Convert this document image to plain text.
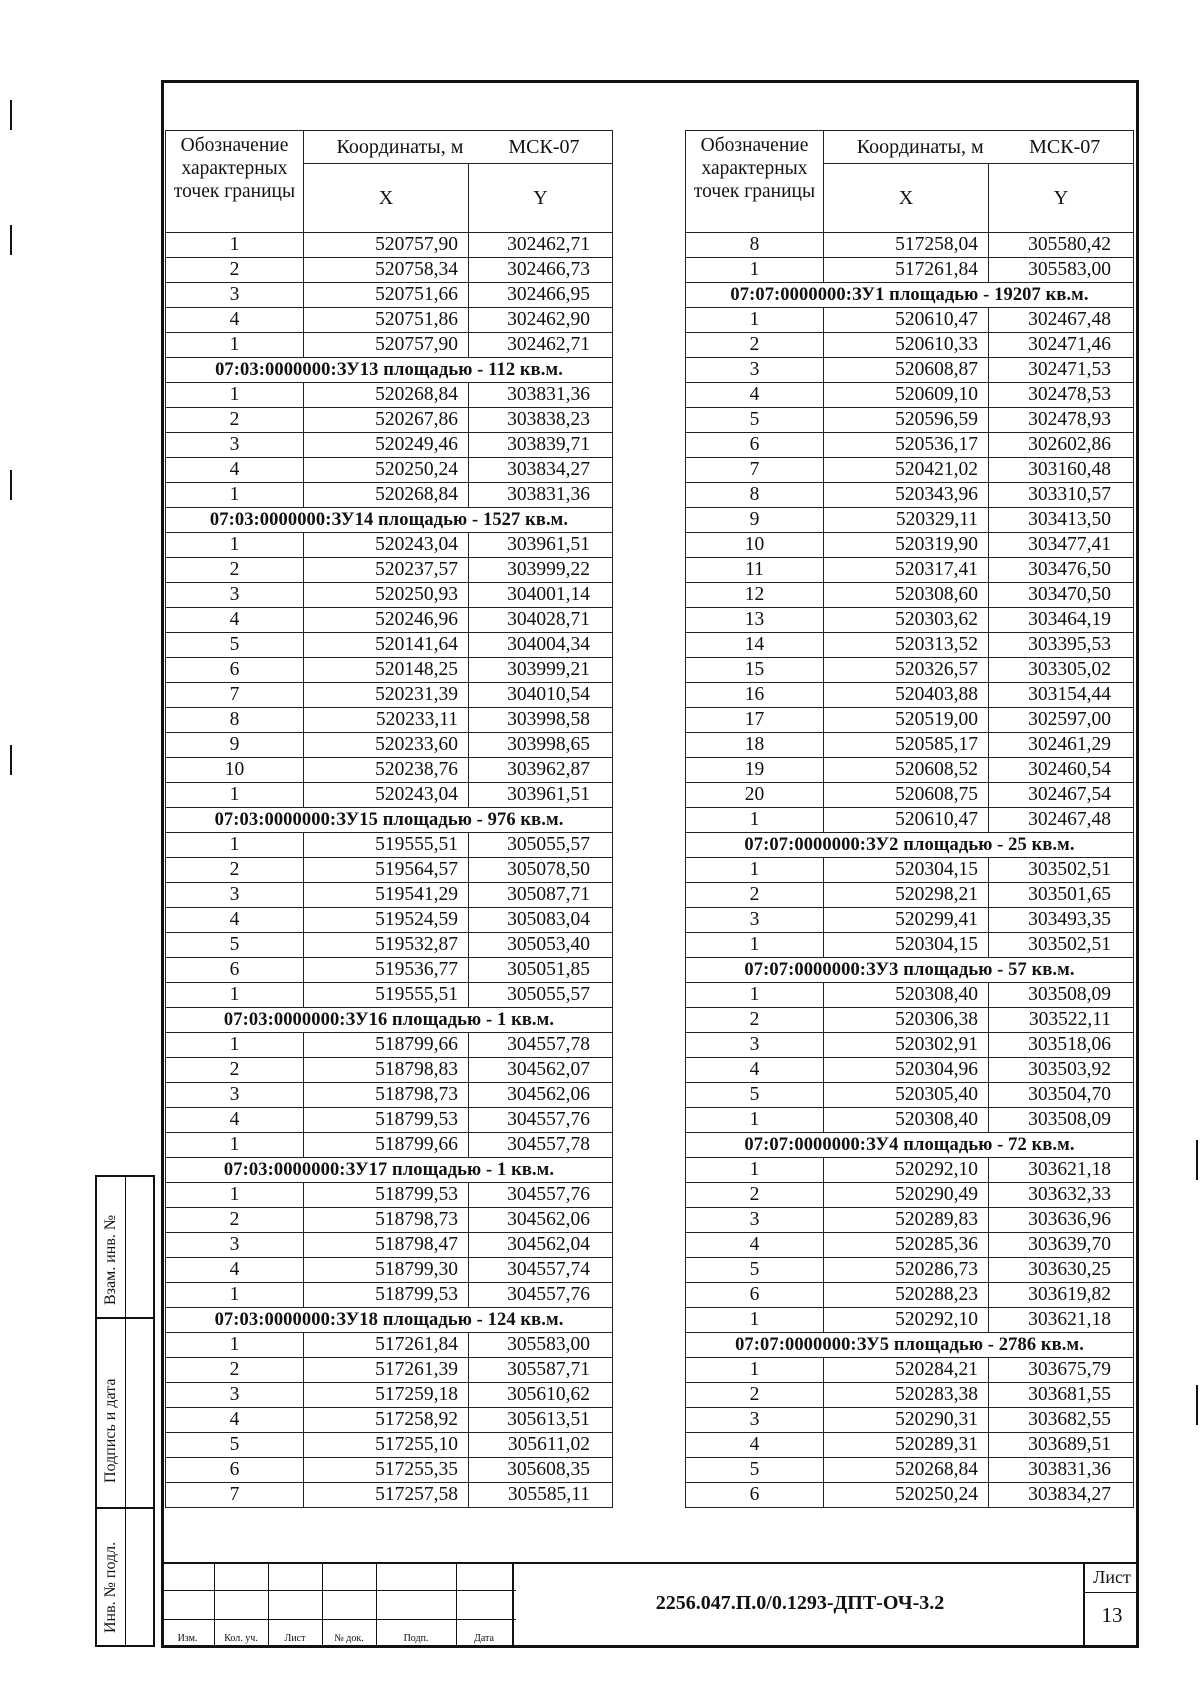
Обозначение характерных точек границы	Координаты, м МСК-07	

	X	Y
1	520757,90	302462,71
2	520758,34	302466,73
3	520751,66	302466,95
4	520751,86	302462,90
1	520757,90	302462,71
07:03:0000000:ЗУ13 площадью - 112 кв.м.		
1	520268,84	303831,36
2	520267,86	303838,23
3	520249,46	303839,71
4	520250,24	303834,27
1	520268,84	303831,36
07:03:0000000:ЗУ14 площадью - 1527 кв.м.		
1	520243,04	303961,51
2	520237,57	303999,22
3	520250,93	304001,14
4	520246,96	304028,71
5	520141,64	304004,34
6	520148,25	303999,21
7	520231,39	304010,54
8	520233,11	303998,58
9	520233,60	303998,65
10	520238,76	303962,87
1	520243,04	303961,51
07:03:0000000:ЗУ15 площадью - 976 кв.м.		
1	519555,51	305055,57
2	519564,57	305078,50
3	519541,29	305087,71
4	519524,59	305083,04
5	519532,87	305053,40
6	519536,77	305051,85
1	519555,51	305055,57
07:03:0000000:ЗУ16 площадью - 1 кв.м.		
1	518799,66	304557,78
2	518798,83	304562,07
3	518798,73	304562,06
4	518799,53	304557,76
1	518799,66	304557,78
07:03:0000000:ЗУ17 площадью - 1 кв.м.		
1	518799,53	304557,76
2	518798,73	304562,06
3	518798,47	304562,04
4	518799,30	304557,74
1	518799,53	304557,76
07:03:0000000:ЗУ18 площадью - 124 кв.м.		
1	517261,84	305583,00
2	517261,39	305587,71
3	517259,18	305610,62
4	517258,92	305613,51
5	517255,10	305611,02
6	517255,35	305608,35
7	517257,58	305585,11
Обозначение характерных точек границы	Координаты, м МСК-07	

	X	Y
8	517258,04	305580,42
1	517261,84	305583,00
07:07:0000000:ЗУ1 площадью - 19207 кв.м.		
1	520610,47	302467,48
2	520610,33	302471,46
3	520608,87	302471,53
4	520609,10	302478,53
5	520596,59	302478,93
6	520536,17	302602,86
7	520421,02	303160,48
8	520343,96	303310,57
9	520329,11	303413,50
10	520319,90	303477,41
11	520317,41	303476,50
12	520308,60	303470,50
13	520303,62	303464,19
14	520313,52	303395,53
15	520326,57	303305,02
16	520403,88	303154,44
17	520519,00	302597,00
18	520585,17	302461,29
19	520608,52	302460,54
20	520608,75	302467,54
1	520610,47	302467,48
07:07:0000000:ЗУ2 площадью - 25 кв.м.		
1	520304,15	303502,51
2	520298,21	303501,65
3	520299,41	303493,35
1	520304,15	303502,51
07:07:0000000:ЗУ3 площадью - 57 кв.м.		
1	520308,40	303508,09
2	520306,38	303522,11
3	520302,91	303518,06
4	520304,96	303503,92
5	520305,40	303504,70
1	520308,40	303508,09
07:07:0000000:ЗУ4 площадью - 72 кв.м.		
1	520292,10	303621,18
2	520290,49	303632,33
3	520289,83	303636,96
4	520285,36	303639,70
5	520286,73	303630,25
6	520288,23	303619,82
1	520292,10	303621,18
07:07:0000000:ЗУ5 площадью - 2786 кв.м.		
1	520284,21	303675,79
2	520283,38	303681,55
3	520290,31	303682,55
4	520289,31	303689,51
5	520268,84	303831,36
6	520250,24	303834,27
Изм.	Кол. уч.	Лист	№ док.	Подп.	Дата
2256.047.П.0/0.1293-ДПТ-ОЧ-3.2
Лист
13
Взам. инв. №
Подпись и дата
Инв. № подл.
